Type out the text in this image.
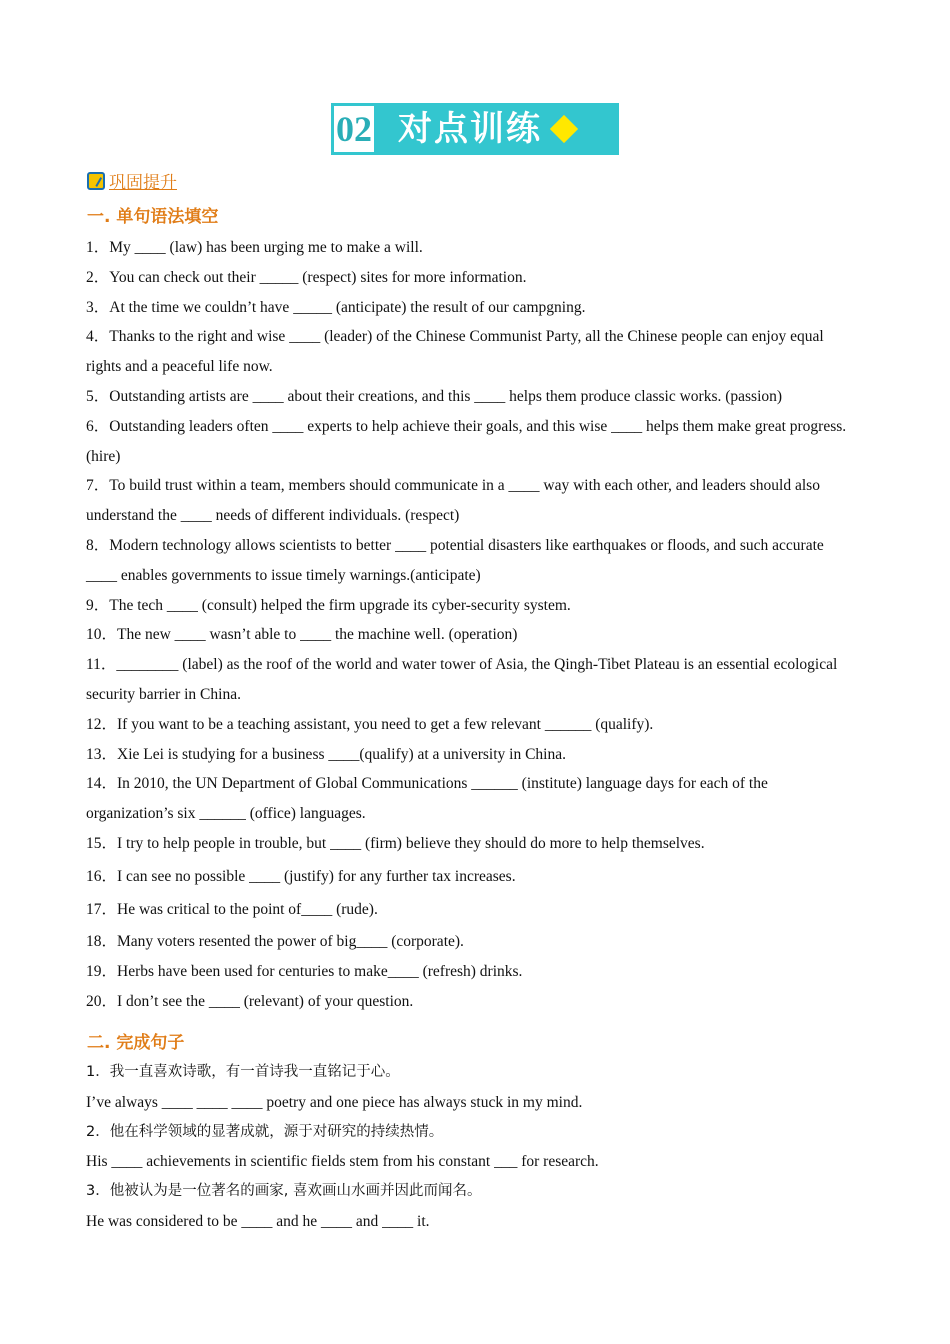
02 对点训练
巩固提升
一. 单句语法填空

1．My ____ (law) has been urging me to make a will.

2．You can check out their _____ (respect) sites for more information.

3．At the time we couldn’t have _____ (anticipate) the result of our campgning.

4．Thanks to the right and wise ____ (leader) of the Chinese Communist Party, all the Chinese people can enjoy equal rights and a peaceful life now.

5．Outstanding artists are ____ about their creations, and this ____ helps them produce classic works. (passion)

6．Outstanding leaders often ____ experts to help achieve their goals, and this wise ____ helps them make great progress. (hire)

7．To build trust within a team, members should communicate in a ____ way with each other, and leaders should also understand the ____ needs of different individuals. (respect)

8．Modern technology allows scientists to better ____ potential disasters like earthquakes or floods, and such accurate ____ enables governments to issue timely warnings.(anticipate)

9．The tech ____ (consult) helped the firm upgrade its cyber-security system.

10．The new ____ wasn’t able to ____ the machine well. (operation)

11．________ (label) as the roof of the world and water tower of Asia, the Qingh-Tibet Plateau is an essential ecological security barrier in China.

12．If you want to be a teaching assistant, you need to get a few relevant ______ (qualify).

13．Xie Lei is studying for a business ____(qualify) at a university in China.

14．In 2010, the UN Department of Global Communications ______ (institute) language days for each of the organization’s six ______ (office) languages.

15．I try to help people in trouble, but ____ (firm) believe they should do more to help themselves.

16．I can see no possible ____ (justify) for any further tax increases.

17．He was critical to the point of____ (rude).

18．Many voters resented the power of big____ (corporate).

19．Herbs have been used for centuries to make____ (refresh) drinks.

20．I don’t see the ____ (relevant) of your question.

二. 完成句子

1．我一直喜欢诗歌，有一首诗我一直铭记于心。

I’ve always ____ ____ ____ poetry and one piece has always stuck in my mind.

2．他在科学领域的显著成就，源于对研究的持续热情。

His ____ achievements in scientific fields stem from his constant ___ for research.

3．他被认为是一位著名的画家, 喜欢画山水画并因此而闻名。

He was considered to be ____ and he ____ and ____ it.
